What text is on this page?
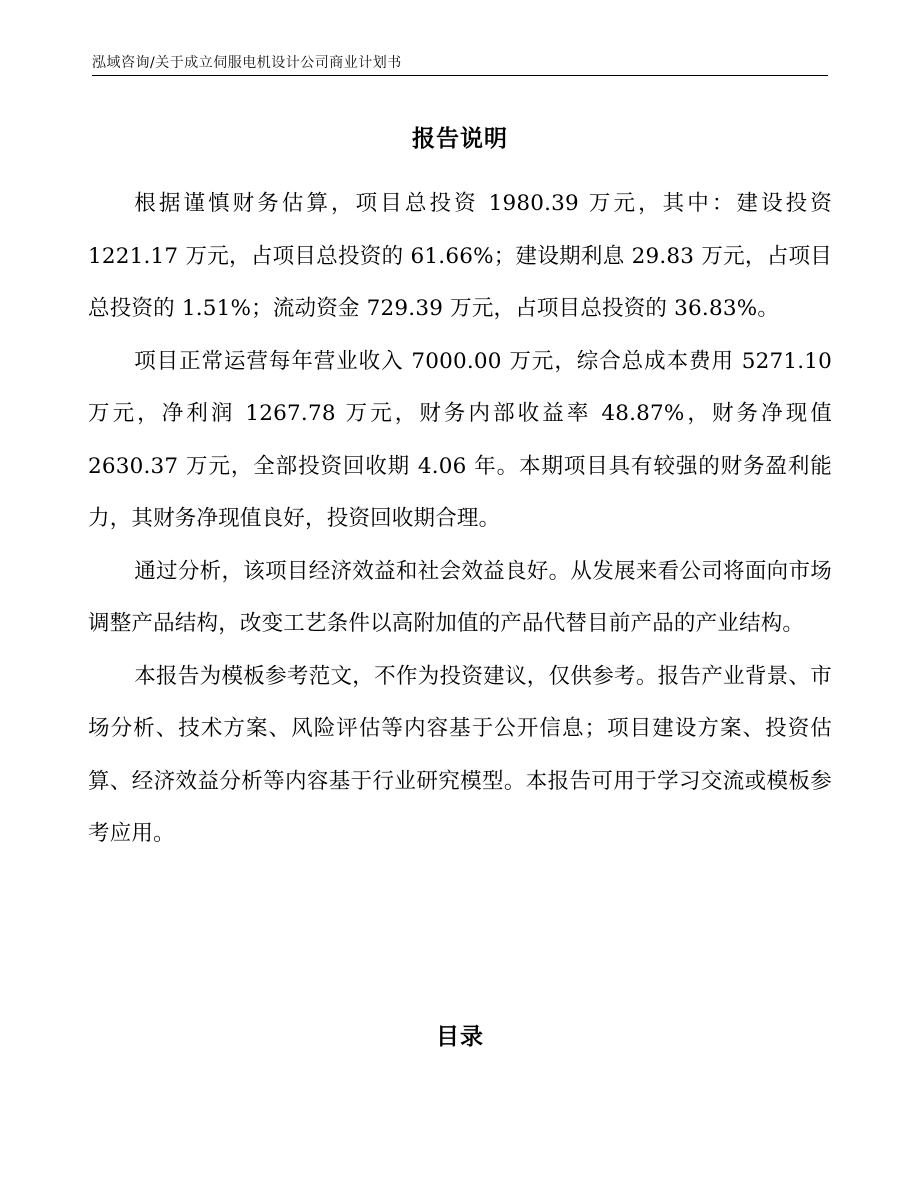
泓域咨询/关于成立伺服电机设计公司商业计划书
报告说明

根据谨慎财务估算，项目总投资 1980.39 万元，其中：建设投资 1221.17 万元，占项目总投资的 61.66%；建设期利息 29.83 万元，占项目总投资的 1.51%；流动资金 729.39 万元，占项目总投资的 36.83%。

项目正常运营每年营业收入 7000.00 万元，综合总成本费用 5271.10 万元，净利润 1267.78 万元，财务内部收益率 48.87%，财务净现值 2630.37 万元，全部投资回收期 4.06 年。本期项目具有较强的财务盈利能力，其财务净现值良好，投资回收期合理。

通过分析，该项目经济效益和社会效益良好。从发展来看公司将面向市场调整产品结构，改变工艺条件以高附加值的产品代替目前产品的产业结构。

本报告为模板参考范文，不作为投资建议，仅供参考。报告产业背景、市场分析、技术方案、风险评估等内容基于公开信息；项目建设方案、投资估算、经济效益分析等内容基于行业研究模型。本报告可用于学习交流或模板参考应用。

目录
